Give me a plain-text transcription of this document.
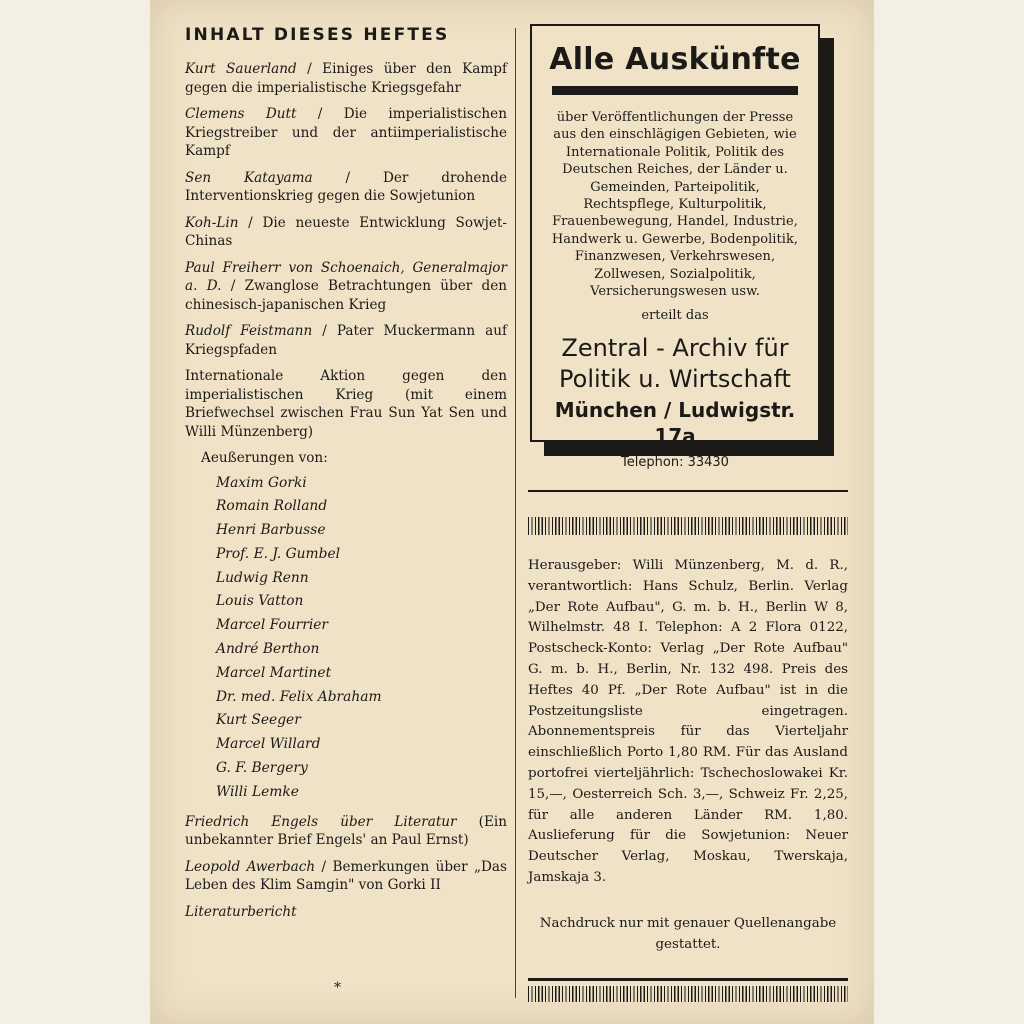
INHALT DIESES HEFTES
Kurt Sauerland / Einiges über den Kampf gegen die imperialistische Kriegsgefahr
Clemens Dutt / Die imperialistischen Kriegstreiber und der antiimperialistische Kampf
Sen Katayama / Der drohende Interventionskrieg gegen die Sowjetunion
Koh-Lin / Die neueste Entwicklung Sowjet-Chinas
Paul Freiherr von Schoenaich, Generalmajor a. D. / Zwanglose Betrachtungen über den chinesisch-japanischen Krieg
Rudolf Feistmann / Pater Muckermann auf Kriegspfaden
Internationale Aktion gegen den imperialistischen Krieg (mit einem Briefwechsel zwischen Frau Sun Yat Sen und Willi Münzenberg)
Aeußerungen von:
Maxim Gorki
Romain Rolland
Henri Barbusse
Prof. E. J. Gumbel
Ludwig Renn
Louis Vatton
Marcel Fourrier
André Berthon
Marcel Martinet
Dr. med. Felix Abraham
Kurt Seeger
Marcel Willard
G. F. Bergery
Willi Lemke
Friedrich Engels über Literatur (Ein unbekannter Brief Engels' an Paul Ernst)
Leopold Awerbach / Bemerkungen über „Das Leben des Klim Samgin" von Gorki II
Literaturbericht
*
Alle Auskünfte
über Veröffentlichungen der Presse aus den einschlägigen Gebieten, wie Internationale Politik, Politik des Deutschen Reiches, der Länder u. Gemeinden, Parteipolitik, Rechtspflege, Kulturpolitik, Frauenbewegung, Handel, Industrie, Handwerk u. Gewerbe, Bodenpolitik, Finanzwesen, Verkehrswesen, Zollwesen, Sozialpolitik, Versicherungswesen usw.
erteilt das
Zentral - Archiv für
Politik u. Wirtschaft
München / Ludwigstr. 17a
Telephon: 33430
Herausgeber: Willi Münzenberg, M. d. R., verantwortlich: Hans Schulz, Berlin. Verlag „Der Rote Aufbau", G. m. b. H., Berlin W 8, Wilhelmstr. 48 I. Telephon: A 2 Flora 0122, Postscheck-Konto: Verlag „Der Rote Aufbau" G. m. b. H., Berlin, Nr. 132 498. Preis des Heftes 40 Pf. „Der Rote Aufbau" ist in die Postzeitungsliste eingetragen. Abonnementspreis für das Vierteljahr einschließlich Porto 1,80 RM. Für das Ausland portofrei vierteljährlich: Tschechoslowakei Kr. 15,—, Oesterreich Sch. 3,—, Schweiz Fr. 2,25, für alle anderen Länder RM. 1,80. Auslieferung für die Sowjetunion: Neuer Deutscher Verlag, Moskau, Twerskaja, Jamskaja 3.
Nachdruck nur mit genauer Quellenangabe gestattet.
